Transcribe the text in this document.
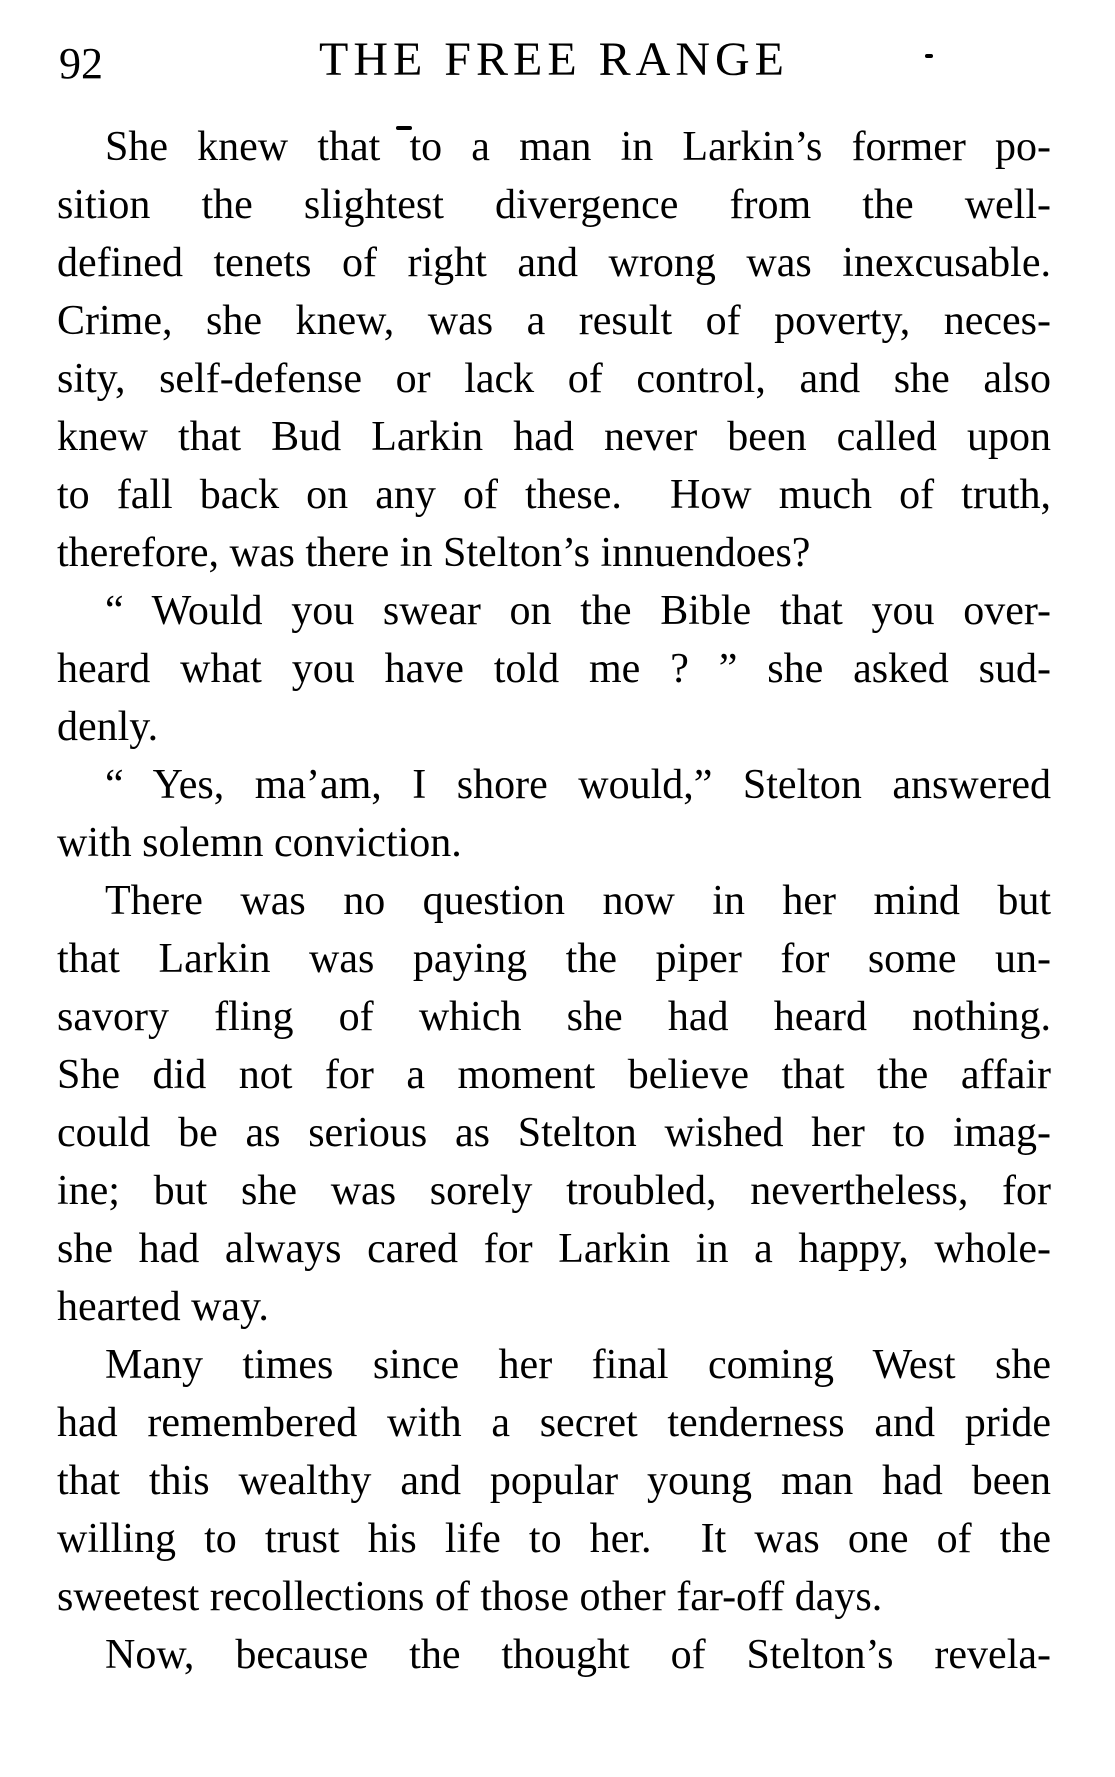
92	THE FREE RANGE
She knew that to a man in Larkin’s former po-
sition the slightest divergence from the well-
defined tenets of right and wrong was inexcusable.
Crime, she knew, was a result of poverty, neces-
sity, self-defense or lack of control, and she also
knew that Bud Larkin had never been called upon
to fall back on any of these.  How much of truth,
therefore, was there in Stelton’s innuendoes?
“ Would you swear on the Bible that you over-
heard what you have told me ? ” she asked sud-
denly.
“ Yes, ma’am, I shore would,” Stelton answered
with solemn conviction.
There was no question now in her mind but
that Larkin was paying the piper for some un-
savory fling of which she had heard nothing.
She did not for a moment believe that the affair
could be as serious as Stelton wished her to imag-
ine; but she was sorely troubled, nevertheless, for
she had always cared for Larkin in a happy, whole-
hearted way.
Many times since her final coming West she
had remembered with a secret tenderness and pride
that this wealthy and popular young man had been
willing to trust his life to her.  It was one of the
sweetest recollections of those other far-off days.
Now, because the thought of Stelton’s revela-
